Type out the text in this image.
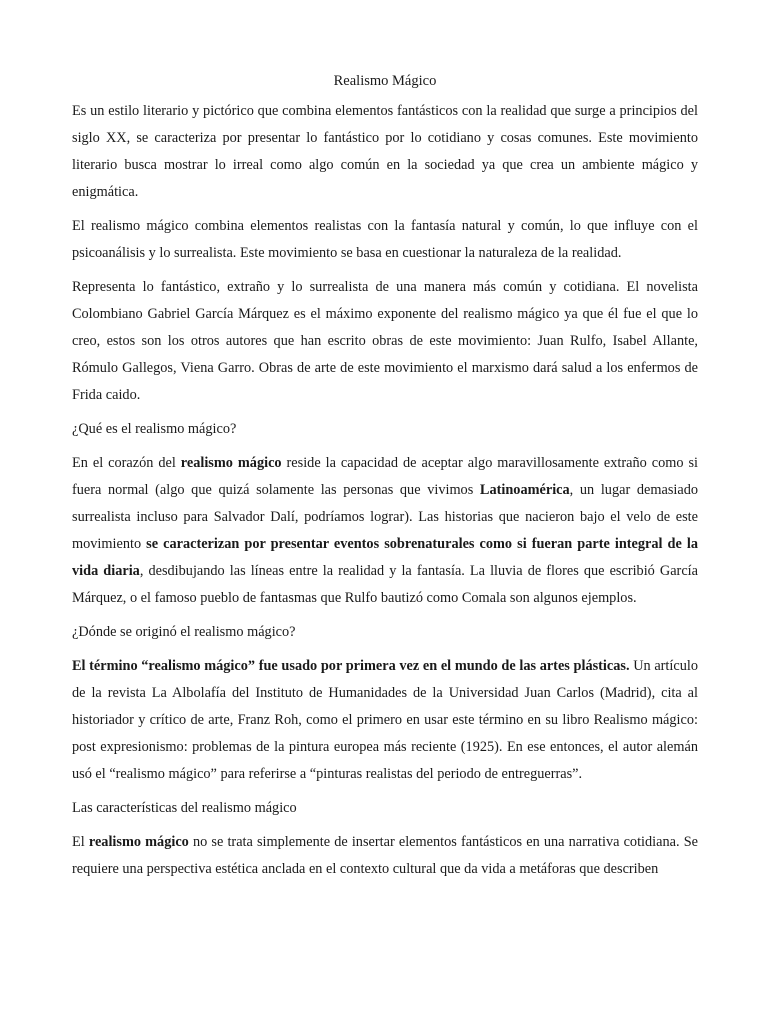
Realismo Mágico

Es un estilo literario y pictórico que combina elementos fantásticos con la realidad que surge a principios del siglo XX, se caracteriza por presentar lo fantástico por lo cotidiano y cosas comunes. Este movimiento literario busca mostrar lo irreal como algo común en la sociedad ya que crea un ambiente mágico y enigmática.

El realismo mágico combina elementos realistas con la fantasía natural y común, lo que influye con el psicoanálisis y lo surrealista. Este movimiento se basa en cuestionar la naturaleza de la realidad.

Representa lo fantástico, extraño y lo surrealista de una manera más común y cotidiana. El novelista Colombiano Gabriel García Márquez es el máximo exponente del realismo mágico ya que él fue el que lo creo, estos son los otros autores que han escrito obras de este movimiento: Juan Rulfo, Isabel Allante, Rómulo Gallegos, Viena Garro. Obras de arte de este movimiento el marxismo dará salud a los enfermos de Frida caido.

¿Qué es el realismo mágico?

En el corazón del realismo mágico reside la capacidad de aceptar algo maravillosamente extraño como si fuera normal (algo que quizá solamente las personas que vivimos Latinoamérica, un lugar demasiado surrealista incluso para Salvador Dalí, podríamos lograr). Las historias que nacieron bajo el velo de este movimiento se caracterizan por presentar eventos sobrenaturales como si fueran parte integral de la vida diaria, desdibujando las líneas entre la realidad y la fantasía. La lluvia de flores que escribió García Márquez, o el famoso pueblo de fantasmas que Rulfo bautizó como Comala son algunos ejemplos.

¿Dónde se originó el realismo mágico?

El término “realismo mágico” fue usado por primera vez en el mundo de las artes plásticas. Un artículo de la revista La Albolafía del Instituto de Humanidades de la Universidad Juan Carlos (Madrid), cita al historiador y crítico de arte, Franz Roh, como el primero en usar este término en su libro Realismo mágico: post expresionismo: problemas de la pintura europea más reciente (1925). En ese entonces, el autor alemán usó el “realismo mágico” para referirse a “pinturas realistas del periodo de entreguerras”.

Las características del realismo mágico

El realismo mágico no se trata simplemente de insertar elementos fantásticos en una narrativa cotidiana. Se requiere una perspectiva estética anclada en el contexto cultural que da vida a metáforas que describen
